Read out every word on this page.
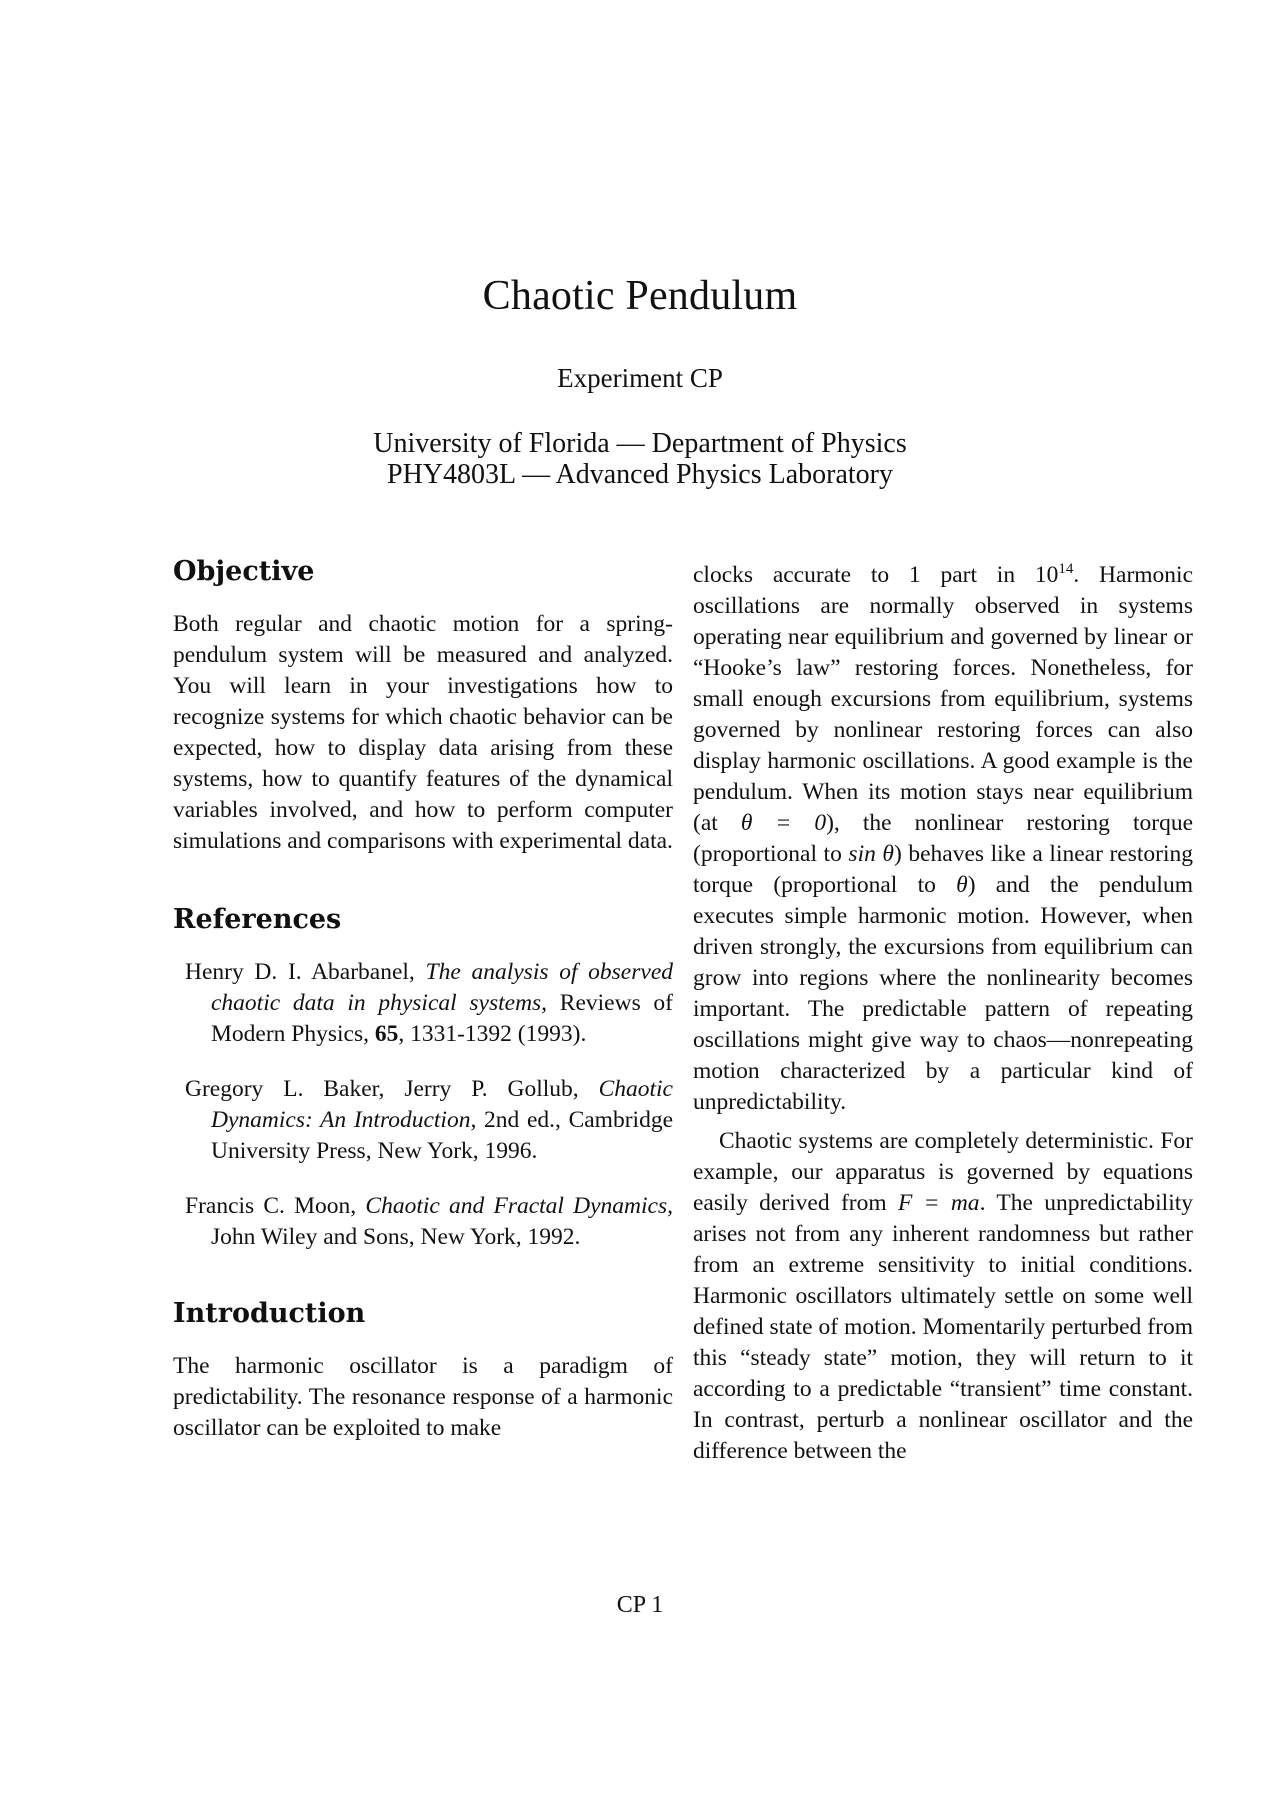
Chaotic Pendulum
Experiment CP
University of Florida — Department of Physics
PHY4803L — Advanced Physics Laboratory
Objective

Both regular and chaotic motion for a spring-pendulum system will be measured and analyzed. You will learn in your investigations how to recognize systems for which chaotic behavior can be expected, how to display data arising from these systems, how to quantify features of the dynamical variables involved, and how to perform computer simulations and comparisons with experimental data.

References
Henry D. I. Abarbanel, The analysis of observed chaotic data in physical systems, Reviews of Modern Physics, 65, 1331-1392 (1993).
Gregory L. Baker, Jerry P. Gollub, Chaotic Dynamics: An Introduction, 2nd ed., Cambridge University Press, New York, 1996.
Francis C. Moon, Chaotic and Fractal Dynamics, John Wiley and Sons, New York, 1992.
Introduction

The harmonic oscillator is a paradigm of predictability. The resonance response of a harmonic oscillator can be exploited to make

clocks accurate to 1 part in $10^{14}$. Harmonic oscillations are normally observed in systems operating near equilibrium and governed by linear or “Hooke’s law” restoring forces. Nonetheless, for small enough excursions from equilibrium, systems governed by nonlinear restoring forces can also display harmonic oscillations. A good example is the pendulum. When its motion stays near equilibrium (at θ = 0), the nonlinear restoring torque (proportional to sin θ) behaves like a linear restoring torque (proportional to θ) and the pendulum executes simple harmonic motion. However, when driven strongly, the excursions from equilibrium can grow into regions where the nonlinearity becomes important. The predictable pattern of repeating oscillations might give way to chaos—nonrepeating motion characterized by a particular kind of unpredictability.

Chaotic systems are completely deterministic. For example, our apparatus is governed by equations easily derived from F = ma. The unpredictability arises not from any inherent randomness but rather from an extreme sensitivity to initial conditions. Harmonic oscillators ultimately settle on some well defined state of motion. Momentarily perturbed from this “steady state” motion, they will return to it according to a predictable “transient” time constant. In contrast, perturb a nonlinear oscillator and the difference between the

CP 1
